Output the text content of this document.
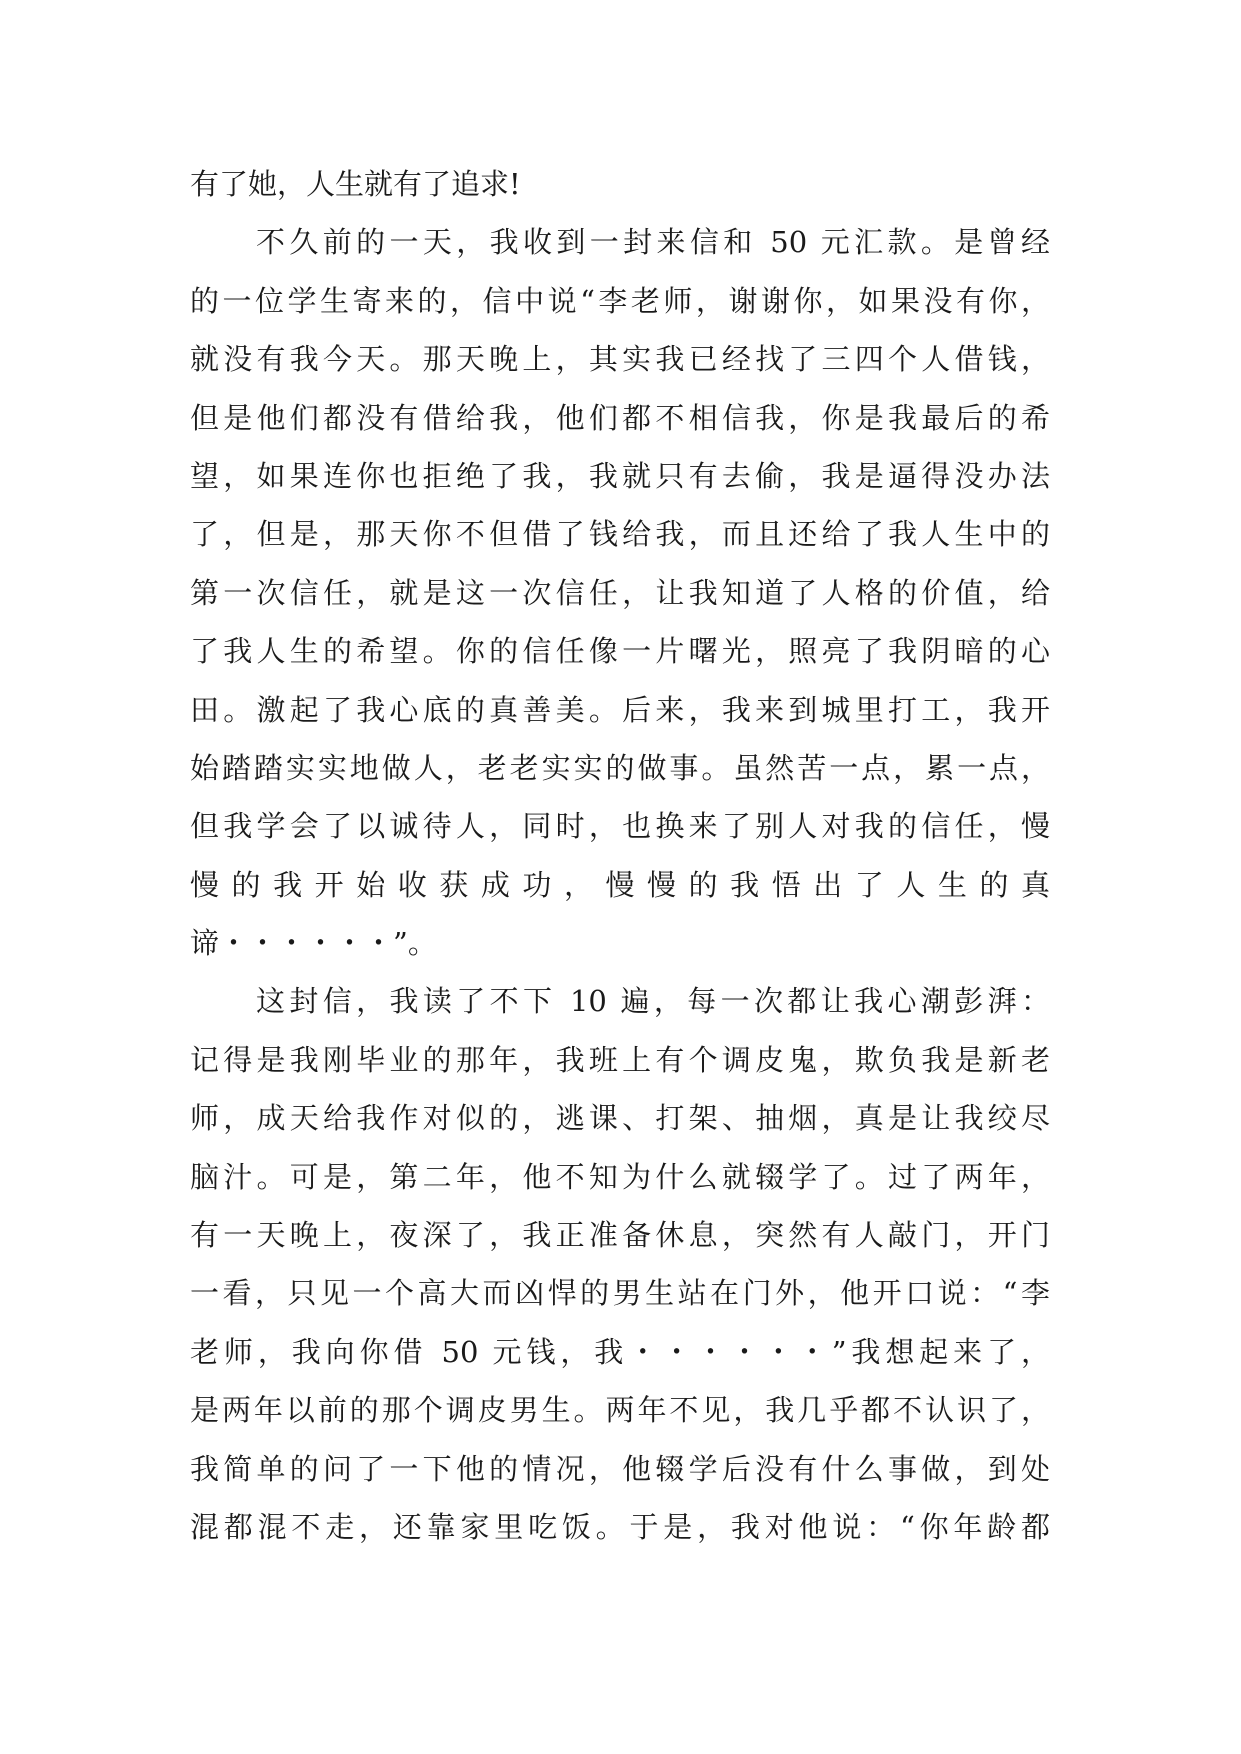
有了她，人生就有了追求!
不久前的一天，我收到一封来信和 50 元汇款。是曾经
的一位学生寄来的，信中说“李老师，谢谢你，如果没有你，
就没有我今天。那天晚上，其实我已经找了三四个人借钱，
但是他们都没有借给我，他们都不相信我，你是我最后的希
望，如果连你也拒绝了我，我就只有去偷，我是逼得没办法
了，但是，那天你不但借了钱给我，而且还给了我人生中的
第一次信任，就是这一次信任，让我知道了人格的价值，给
了我人生的希望。你的信任像一片曙光，照亮了我阴暗的心
田。激起了我心底的真善美。后来，我来到城里打工，我开
始踏踏实实地做人，老老实实的做事。虽然苦一点，累一点，
但我学会了以诚待人，同时，也换来了别人对我的信任，慢
慢 的 我 开 始 收 获 成 功 ， 慢 慢 的 我 悟 出 了 人 生 的 真
谛・・・・・・”。
这封信，我读了不下 10 遍，每一次都让我心潮彭湃：
记得是我刚毕业的那年，我班上有个调皮鬼，欺负我是新老
师，成天给我作对似的，逃课、打架、抽烟，真是让我绞尽
脑汁。可是，第二年，他不知为什么就辍学了。过了两年，
有一天晚上，夜深了，我正准备休息，突然有人敲门，开门
一看，只见一个高大而凶悍的男生站在门外，他开口说：“李
老师，我向你借 50 元钱，我・・・・・・”我想起来了，
是两年以前的那个调皮男生。两年不见，我几乎都不认识了，
我简单的问了一下他的情况，他辍学后没有什么事做，到处
混都混不走，还靠家里吃饭。于是，我对他说：“你年龄都
